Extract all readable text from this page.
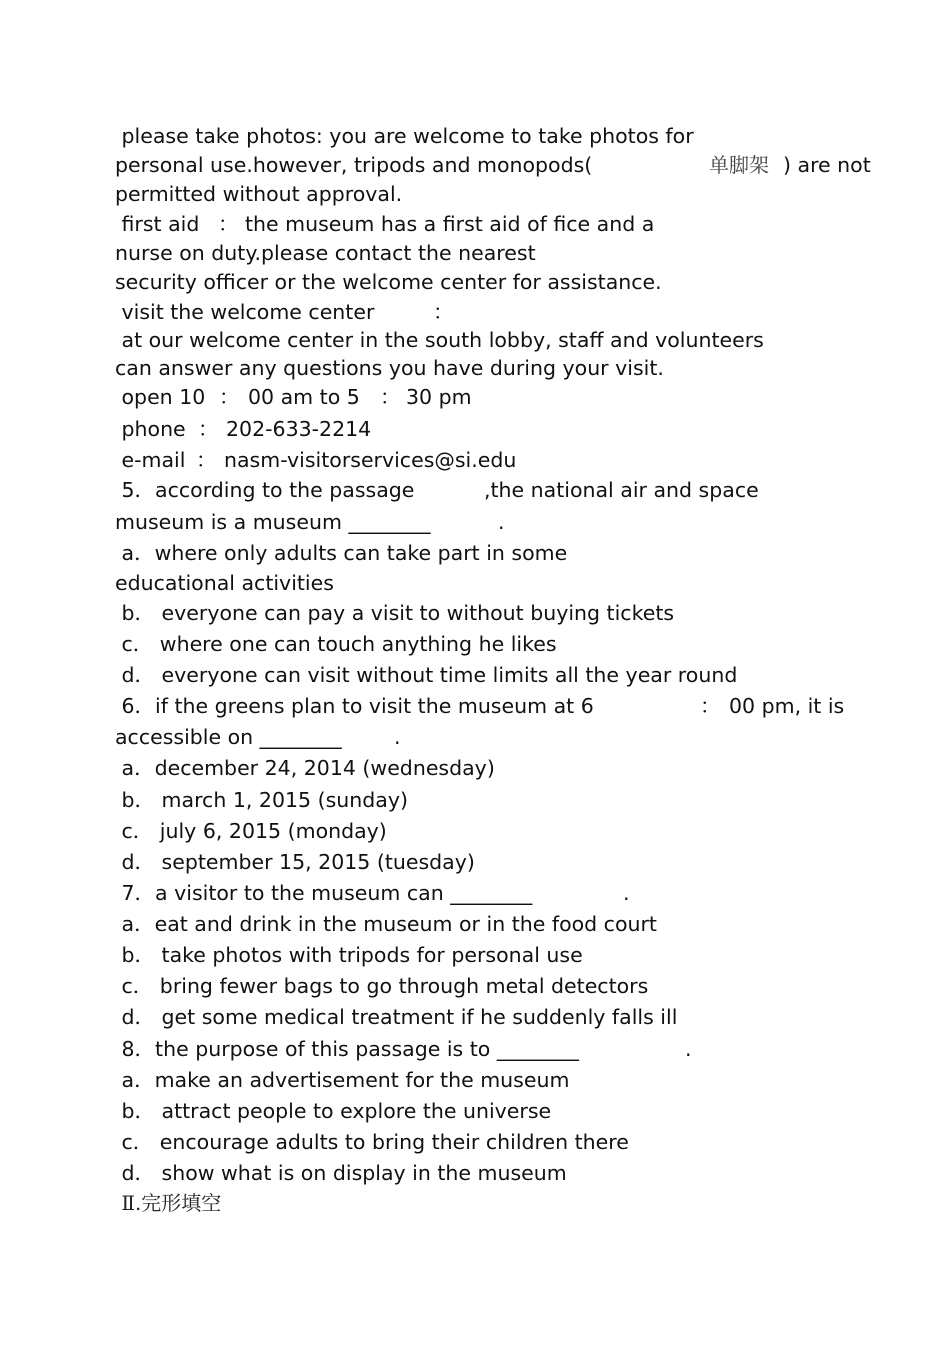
please take photos: you are welcome to take photos for
personal use.however, tripods and monopods(	单脚架 ) are not
permitted without approval.
first aid ： the museum has a first aid of fice and a
nurse on duty.please contact the nearest
security officer or the welcome center for assistance.
visit the welcome center	：
at our welcome center in the south lobby, staff and volunteers
can answer any questions you have during your visit.
open 10 ： 00 am to 5 ： 30 pm
phone ： 202-633-2214
e-mail ： nasm-visitorservices@si.edu
5．according to the passage	,the national air and space
museum is a museum ________	.
a．where only adults can take part in some
educational activities
b． everyone can pay a visit to without buying tickets
c． where one can touch anything he likes
d． everyone can visit without time limits all the year round
6．if the greens plan to visit the museum at 6	： 00 pm, it is
accessible on ________	.
a．december 24, 2014 (wednesday)
b． march 1, 2015 (sunday)
c． july 6, 2015 (monday)
d． september 15, 2015 (tuesday)
7．a visitor to the museum can ________	.
a．eat and drink in the museum or in the food court
b． take photos with tripods for personal use
c． bring fewer bags to go through metal detectors
d． get some medical treatment if he suddenly falls ill
8．the purpose of this passage is to ________	.
a．make an advertisement for the museum
b． attract people to explore the universe
c． encourage adults to bring their children there
d． show what is on display in the museum
Ⅱ.完形填空
